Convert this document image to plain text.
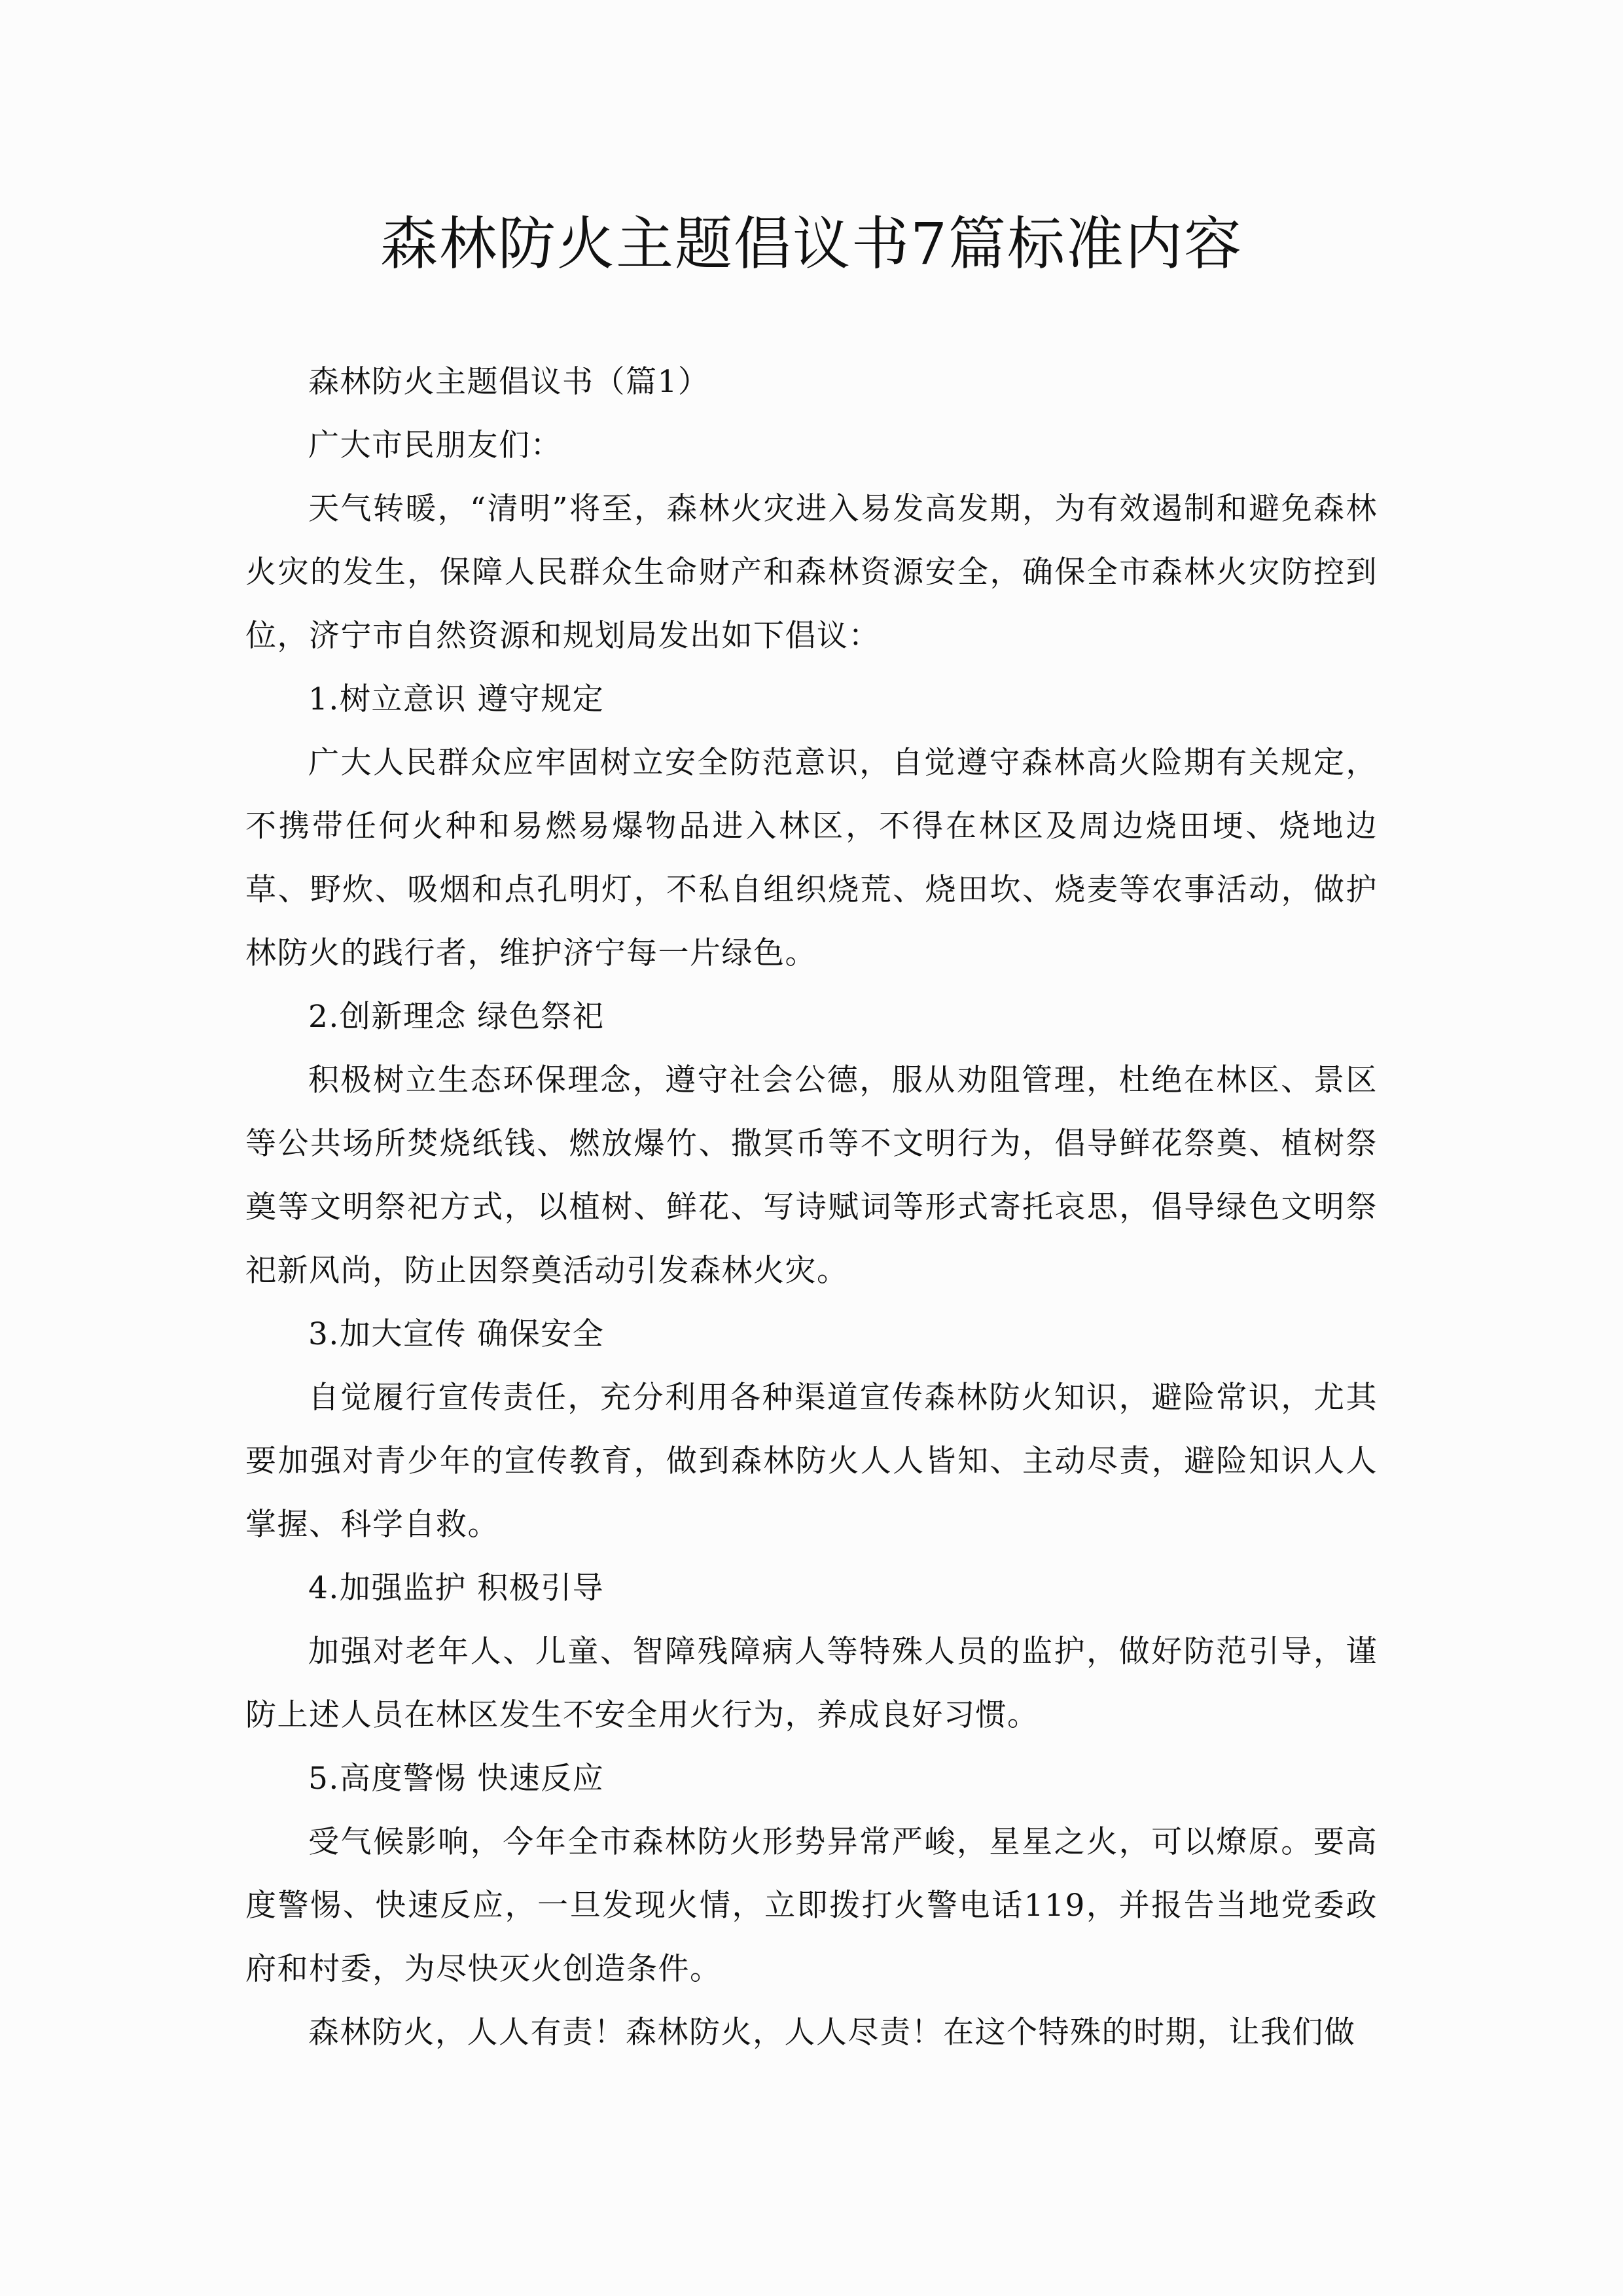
森林防火主题倡议书7篇标准内容

森林防火主题倡议书（篇1）

广大市民朋友们：

天气转暖，“清明”将至，森林火灾进入易发高发期，为有效遏制和避免森林火灾的发生，保障人民群众生命财产和森林资源安全，确保全市森林火灾防控到位，济宁市自然资源和规划局发出如下倡议：

1.树立意识 遵守规定

广大人民群众应牢固树立安全防范意识，自觉遵守森林高火险期有关规定，不携带任何火种和易燃易爆物品进入林区，不得在林区及周边烧田埂、烧地边草、野炊、吸烟和点孔明灯，不私自组织烧荒、烧田坎、烧麦等农事活动，做护林防火的践行者，维护济宁每一片绿色。

2.创新理念 绿色祭祀

积极树立生态环保理念，遵守社会公德，服从劝阻管理，杜绝在林区、景区等公共场所焚烧纸钱、燃放爆竹、撒冥币等不文明行为，倡导鲜花祭奠、植树祭奠等文明祭祀方式，以植树、鲜花、写诗赋词等形式寄托哀思，倡导绿色文明祭祀新风尚，防止因祭奠活动引发森林火灾。

3.加大宣传 确保安全

自觉履行宣传责任，充分利用各种渠道宣传森林防火知识，避险常识，尤其要加强对青少年的宣传教育，做到森林防火人人皆知、主动尽责，避险知识人人掌握、科学自救。

4.加强监护 积极引导

加强对老年人、儿童、智障残障病人等特殊人员的监护，做好防范引导，谨防上述人员在林区发生不安全用火行为，养成良好习惯。

5.高度警惕 快速反应

受气候影响，今年全市森林防火形势异常严峻，星星之火，可以燎原。要高度警惕、快速反应，一旦发现火情，立即拨打火警电话119，并报告当地党委政府和村委，为尽快灭火创造条件。

森林防火，人人有责！森林防火，人人尽责！在这个特殊的时期，让我们做
